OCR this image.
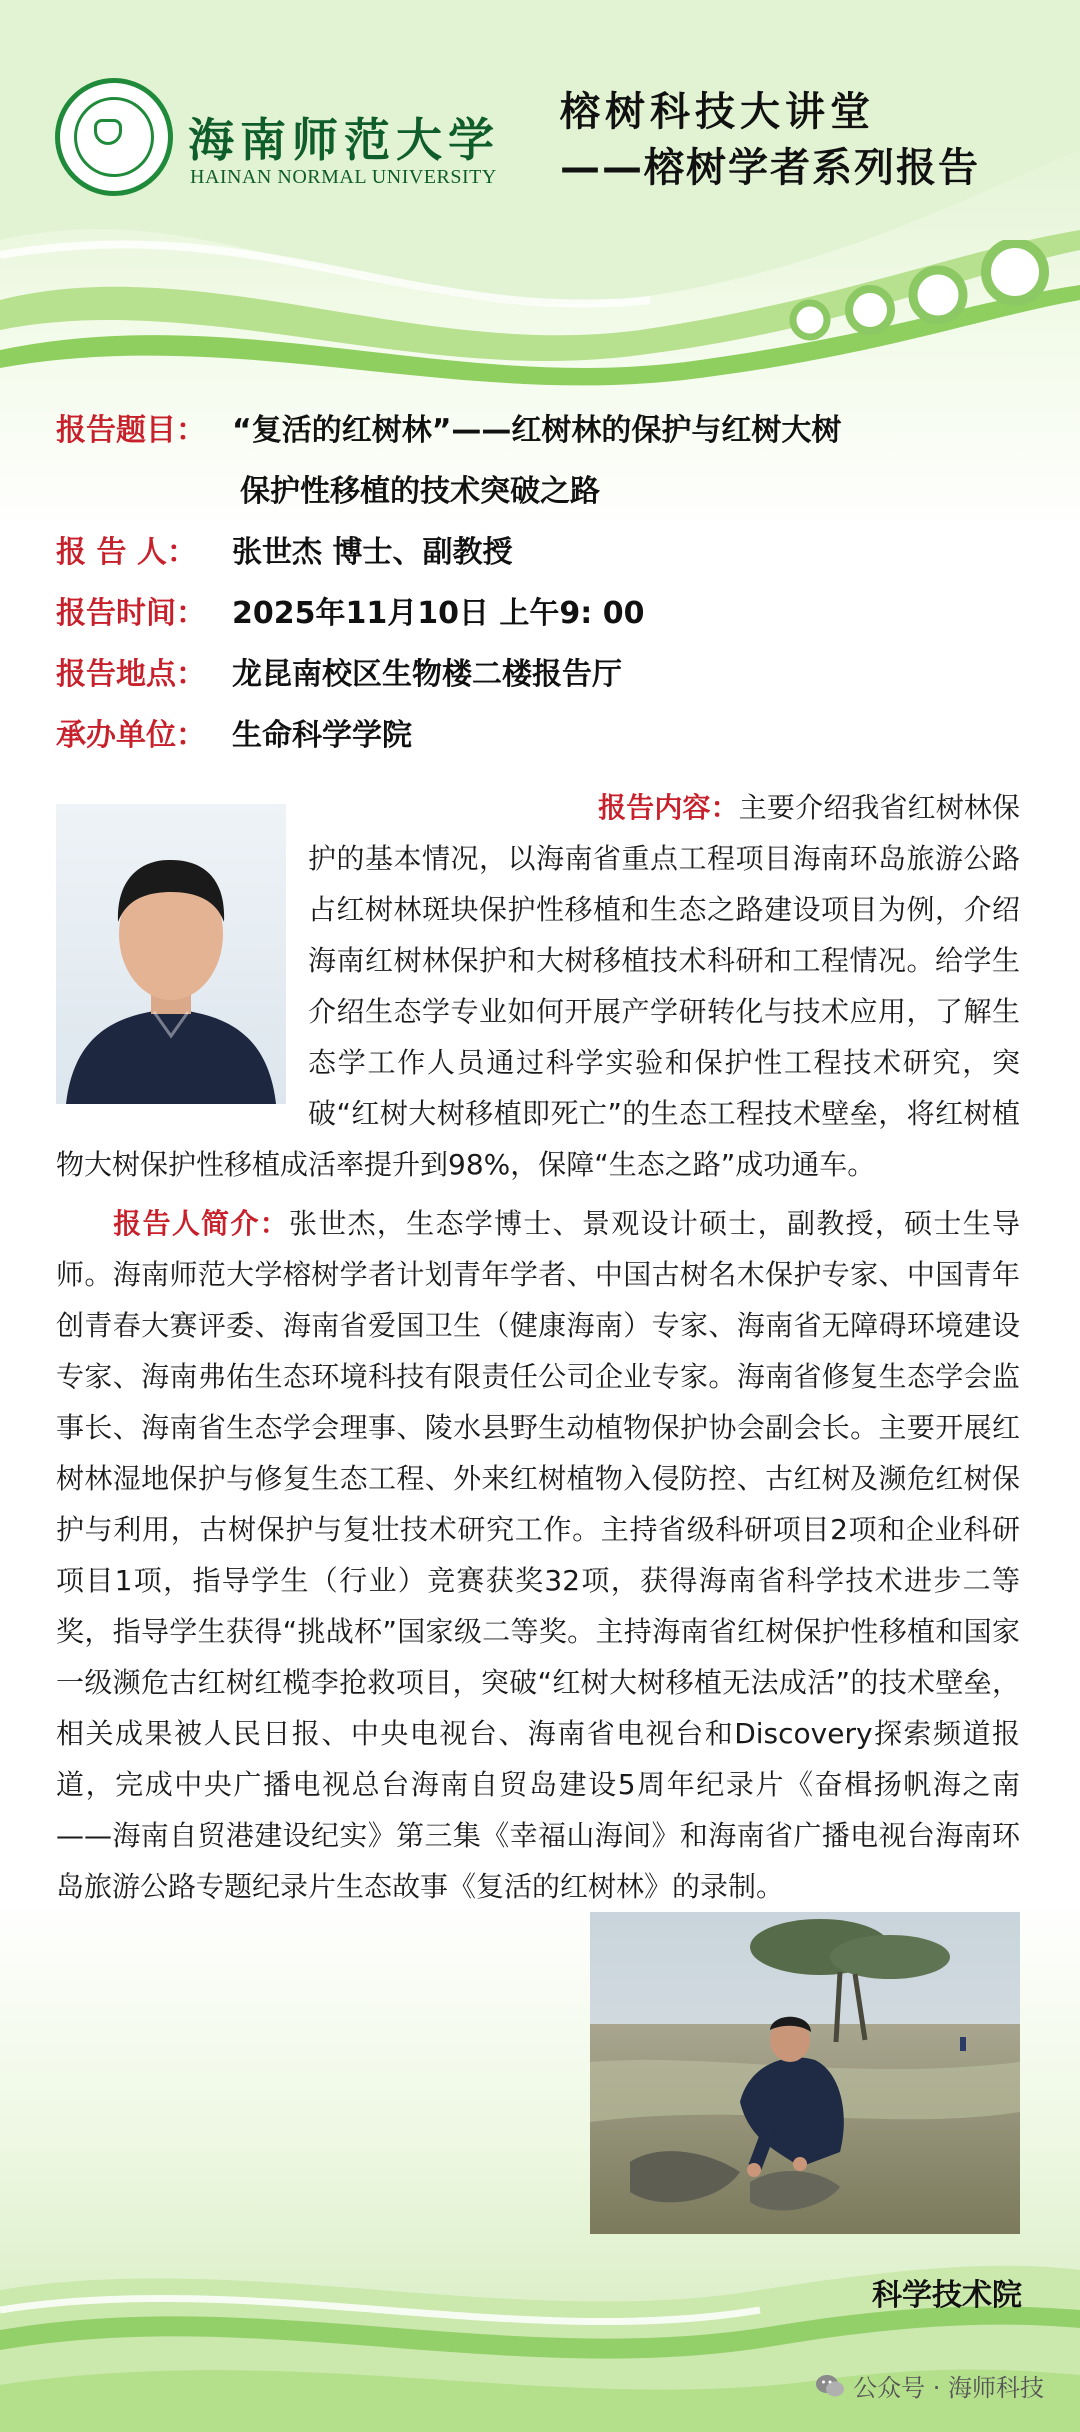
海南师范大学
HAINAN NORMAL UNIVERSITY
榕树科技大讲堂
——榕树学者系列报告
报告题目： “复活的红树林”——红树林的保护与红树大树
保护性移植的技术突破之路
报 告 人： 张世杰 博士、副教授
报告时间： 2025年11月10日 上午9: 00
报告地点： 龙昆南校区生物楼二楼报告厅
承办单位： 生命科学学院

报告内容：主要介绍我省红树林保护的基本情况，以海南省重点工程项目海南环岛旅游公路占红树林斑块保护性移植和生态之路建设项目为例，介绍海南红树林保护和大树移植技术科研和工程情况。给学生介绍生态学专业如何开展产学研转化与技术应用，了解生态学工作人员通过科学实验和保护性工程技术研究，突破“红树大树移植即死亡”的生态工程技术壁垒，将红树植物大树保护性移植成活率提升到98%，保障“生态之路”成功通车。

报告人简介：张世杰，生态学博士、景观设计硕士，副教授，硕士生导师。海南师范大学榕树学者计划青年学者、中国古树名木保护专家、中国青年创青春大赛评委、海南省爱国卫生（健康海南）专家、海南省无障碍环境建设专家、海南弗佑生态环境科技有限责任公司企业专家。海南省修复生态学会监事长、海南省生态学会理事、陵水县野生动植物保护协会副会长。主要开展红树林湿地保护与修复生态工程、外来红树植物入侵防控、古红树及濒危红树保护与利用，古树保护与复壮技术研究工作。主持省级科研项目2项和企业科研项目1项，指导学生（行业）竞赛获奖32项，获得海南省科学技术进步二等奖，指导学生获得“挑战杯”国家级二等奖。主持海南省红树保护性移植和国家一级濒危古红树红榄李抢救项目，突破“红树大树移植无法成活”的技术壁垒，相关成果被人民日报、中央电视台、海南省电视台和Discovery探索频道报道，完成中央广播电视总台海南自贸岛建设5周年纪录片《奋楫扬帆海之南——海南自贸港建设纪实》第三集《幸福山海间》和海南省广播电视台海南环岛旅游公路专题纪录片生态故事《复活的红树林》的录制。

科学技术院
公众号 · 海师科技
